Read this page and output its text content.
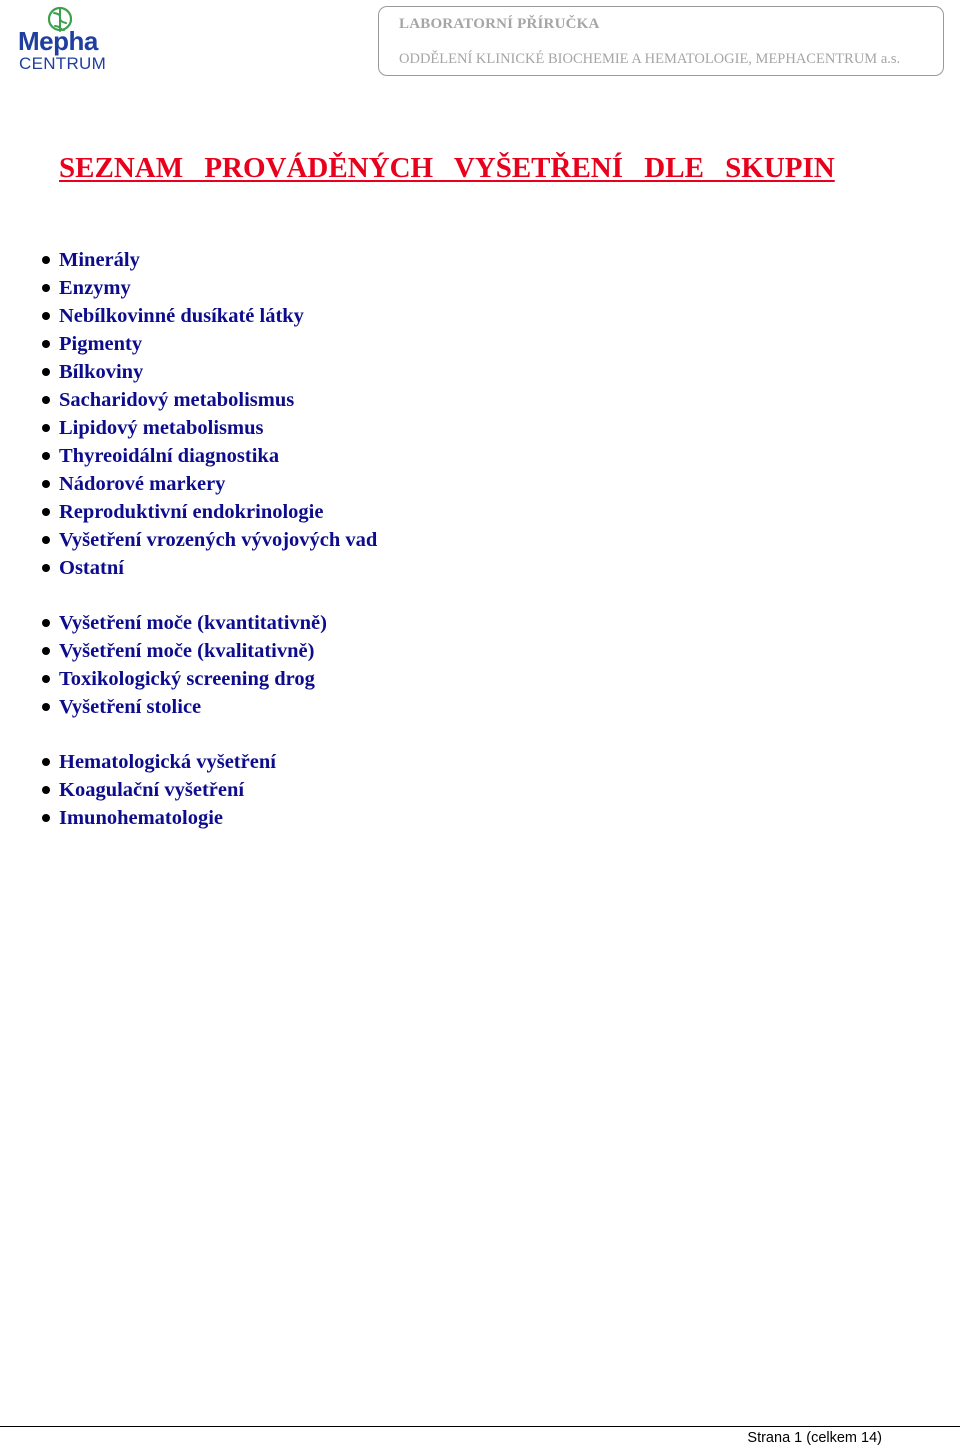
Mepha
CENTRUM
LABORATORNÍ PŘÍRUČKA
ODDĚLENÍ KLINICKÉ BIOCHEMIE A HEMATOLOGIE, MEPHACENTRUM a.s.
SEZNAM PROVÁDĚNÝCH VYŠETŘENÍ DLE SKUPIN
Minerály
Enzymy
Nebílkovinné dusíkaté látky
Pigmenty
Bílkoviny
Sacharidový metabolismus
Lipidový metabolismus
Thyreoidální diagnostika
Nádorové markery
Reproduktivní endokrinologie
Vyšetření vrozených vývojových vad
Ostatní
Vyšetření moče (kvantitativně)
Vyšetření moče (kvalitativně)
Toxikologický screening drog
Vyšetření stolice
Hematologická vyšetření
Koagulační vyšetření
Imunohematologie
Strana 1 (celkem 14)
